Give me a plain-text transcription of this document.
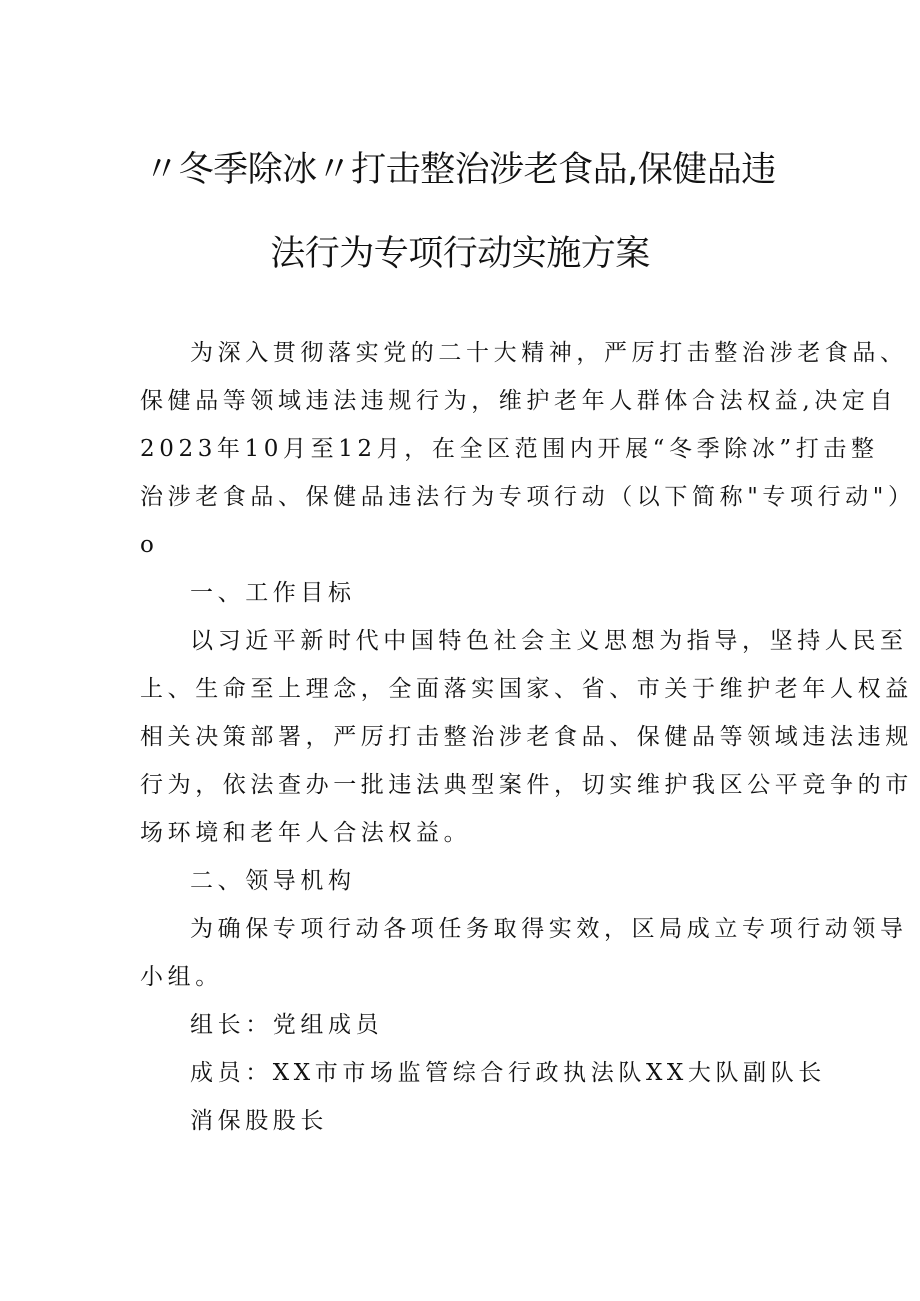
〃冬季除冰〃打击整治涉老食品,保健品违
法行为专项行动实施方案
为深入贯彻落实党的二十大精神，严厉打击整治涉老食品、
保健品等领域违法违规行为，维护老年人群体合法权益,决定自
2023年10月至12月，在全区范围内开展“冬季除冰”打击整
治涉老食品、保健品违法行为专项行动（以下简称"专项行动"）
o
一、工作目标
以习近平新时代中国特色社会主义思想为指导，坚持人民至
上、生命至上理念，全面落实国家、省、市关于维护老年人权益
相关决策部署，严厉打击整治涉老食品、保健品等领域违法违规
行为，依法查办一批违法典型案件，切实维护我区公平竞争的市
场环境和老年人合法权益。
二、领导机构
为确保专项行动各项任务取得实效，区局成立专项行动领导
小组。
组长：党组成员
成员：XX市市场监管综合行政执法队XX大队副队长
消保股股长
